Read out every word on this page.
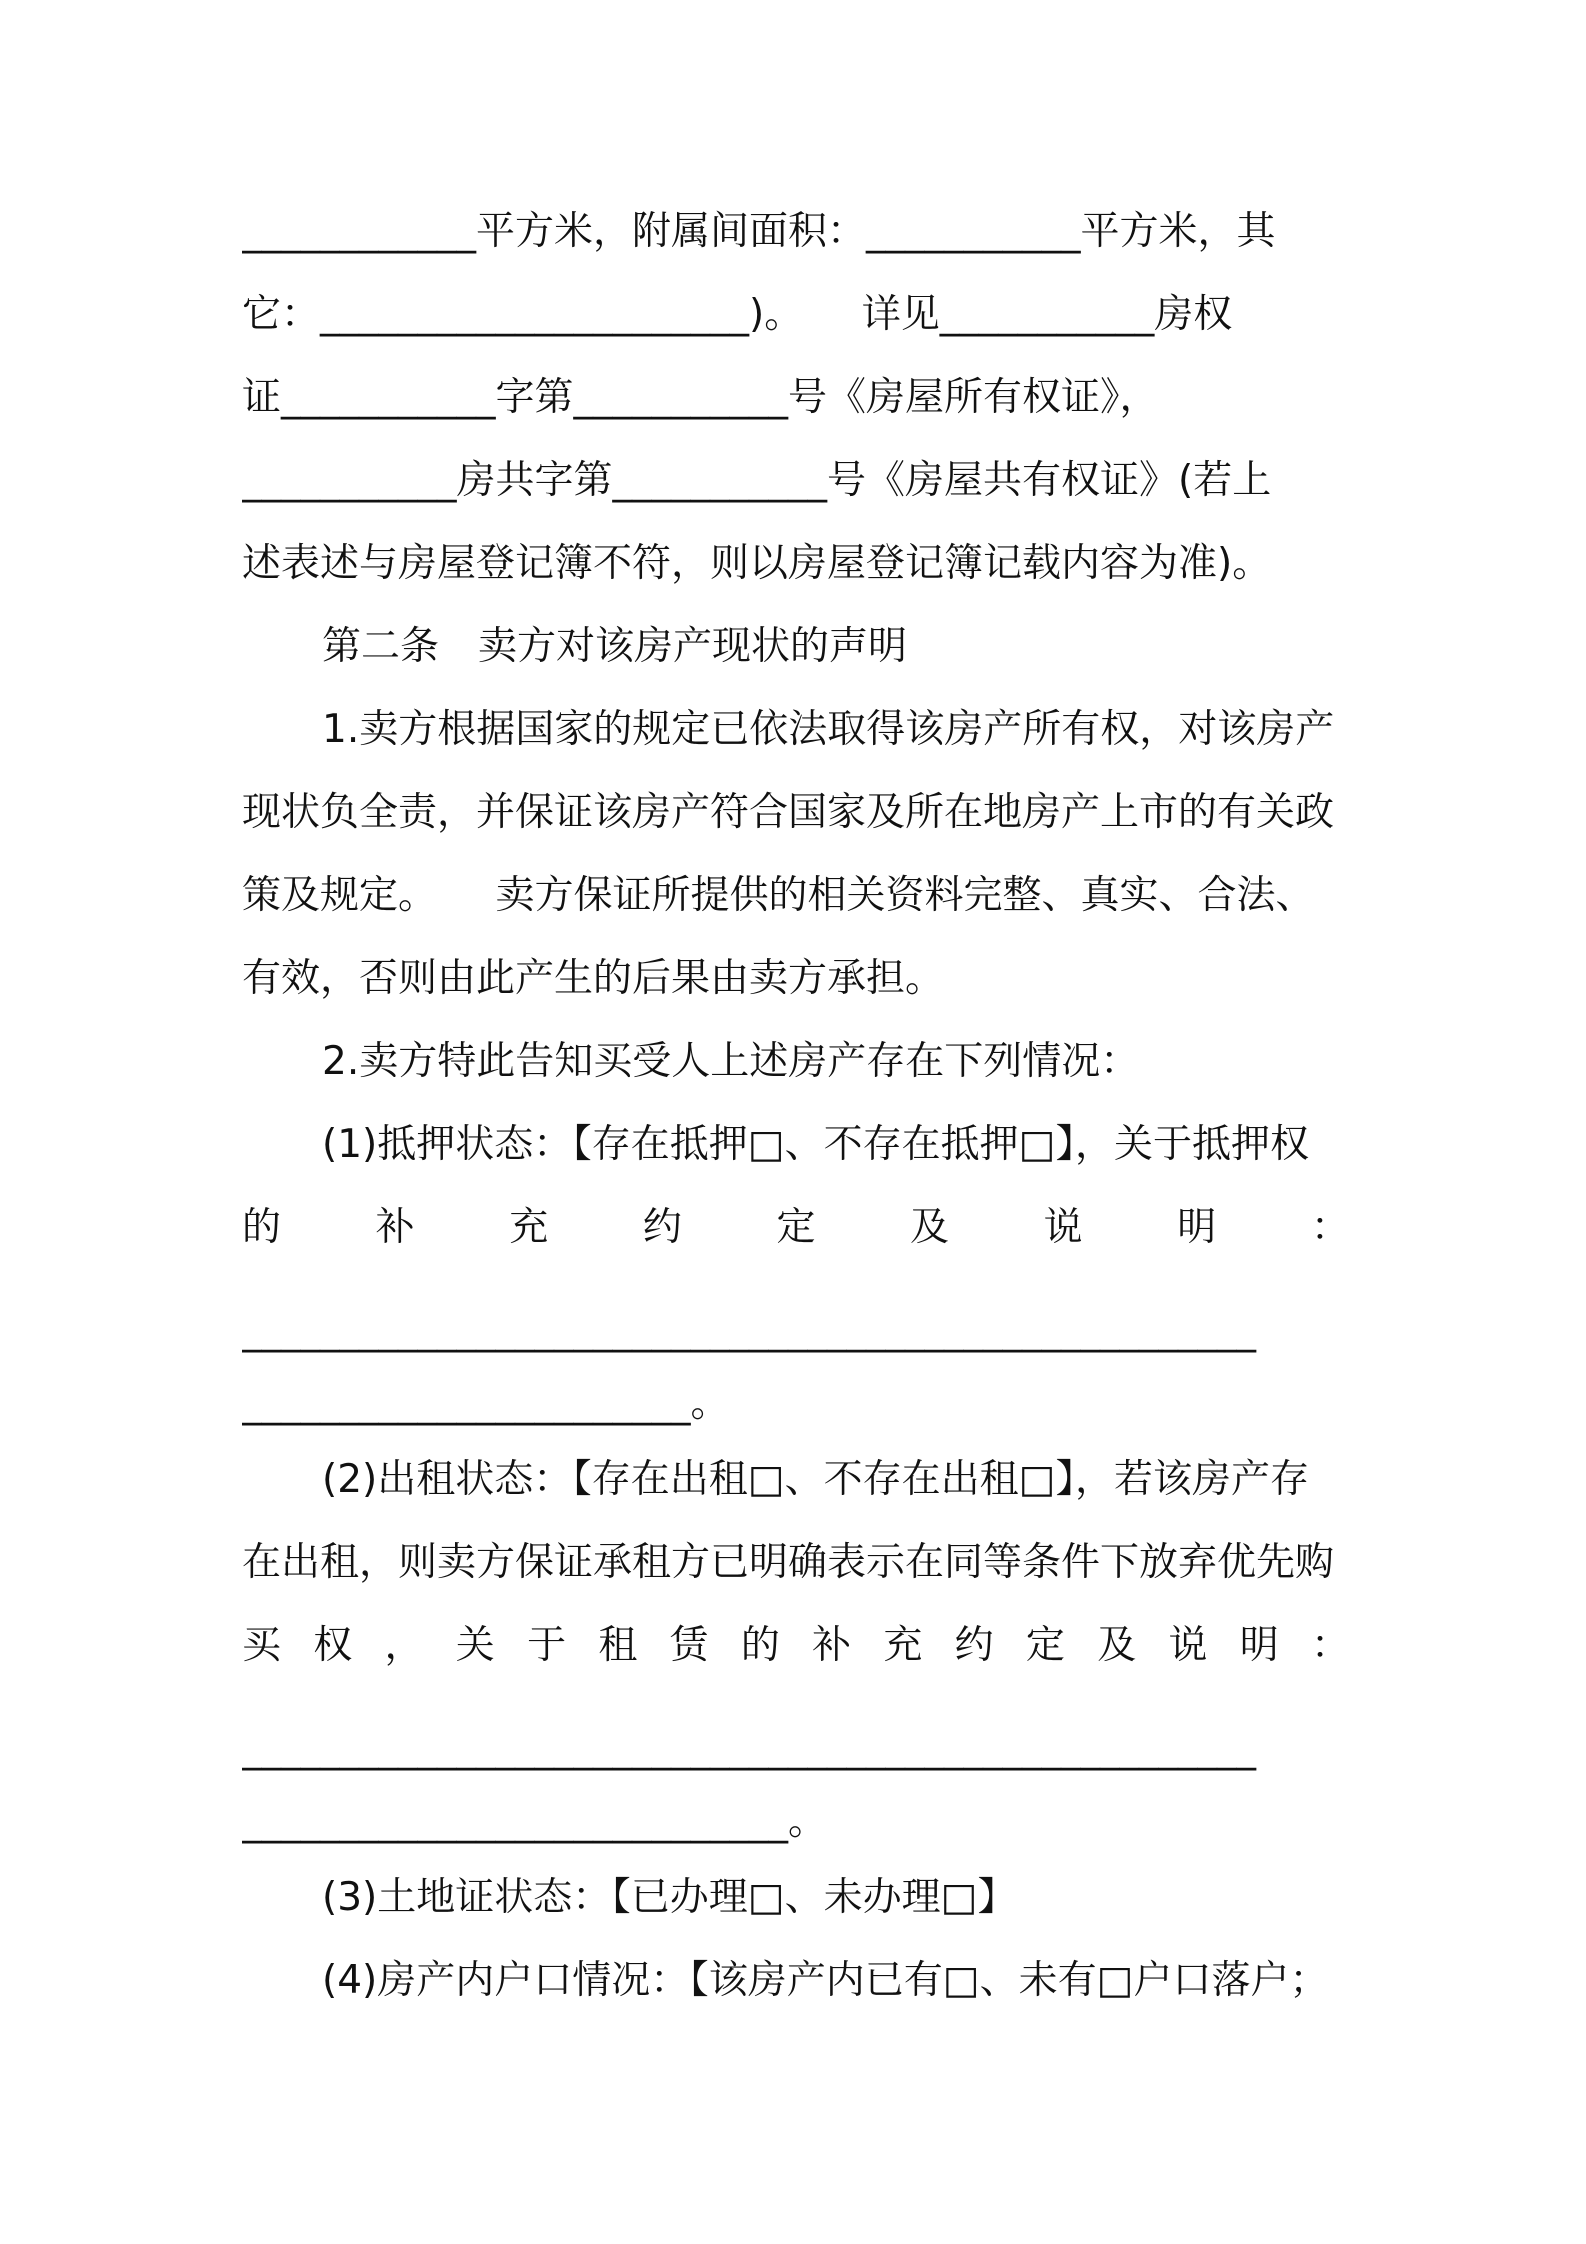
____________平方米，附属间面积：___________平方米，其
它：______________________)。　　详见___________房权
证___________字第___________号《房屋所有权证》，
___________房共字第___________号《房屋共有权证》(若上
述表述与房屋登记簿不符，则以房屋登记簿记载内容为准)。
第二条　卖方对该房产现状的声明
1.卖方根据国家的规定已依法取得该房产所有权，对该房产
现状负全责，并保证该房产符合国家及所在地房产上市的有关政
策及规定。　　卖方保证所提供的相关资料完整、真实、合法、
有效，否则由此产生的后果由卖方承担。
2.卖方特此告知买受人上述房产存在下列情况：
(1)抵押状态：【存在抵押□、不存在抵押□】，关于抵押权
的 补 充 约 定 及 说 明 ：
____________________________________________________
_______________________。
(2)出租状态：【存在出租□、不存在出租□】，若该房产存
在出租，则卖方保证承租方已明确表示在同等条件下放弃优先购
买 权 ， 关 于 租 赁 的 补 充 约 定 及 说 明 ：
____________________________________________________
____________________________。
(3)土地证状态：【已办理□、未办理□】
(4)房产内户口情况：【该房产内已有□、未有□户口落户；
